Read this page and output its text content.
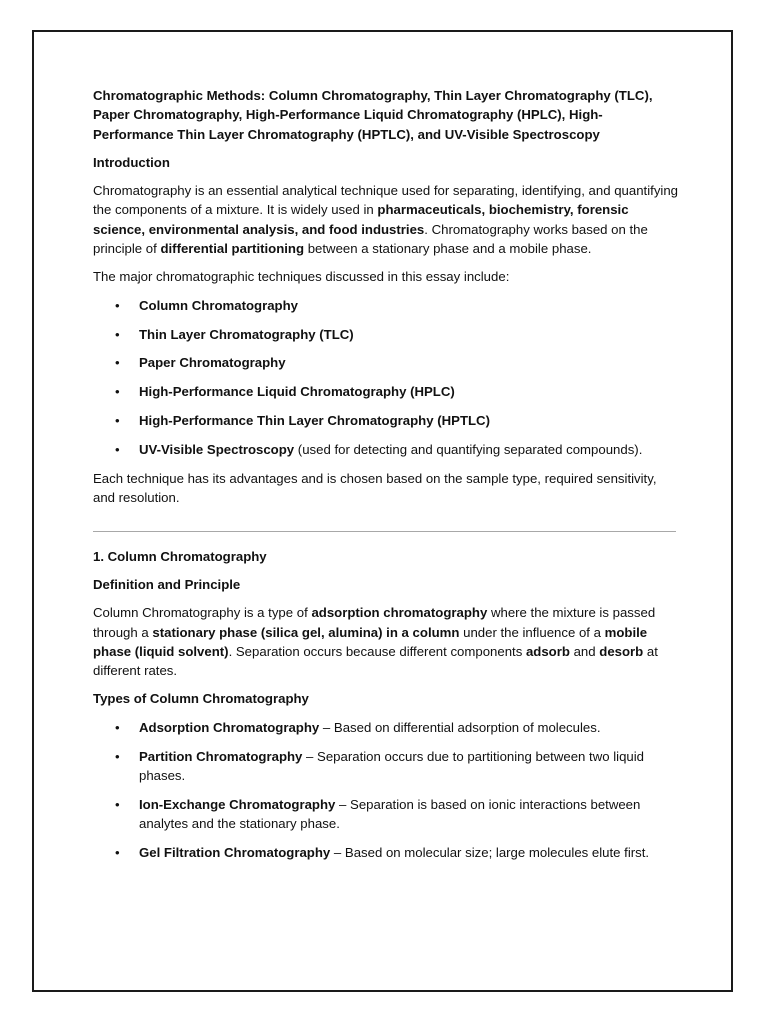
Chromatographic Methods: Column Chromatography, Thin Layer Chromatography (TLC), Paper Chromatography, High-Performance Liquid Chromatography (HPLC), High-Performance Thin Layer Chromatography (HPTLC), and UV-Visible Spectroscopy

Introduction

Chromatography is an essential analytical technique used for separating, identifying, and quantifying the components of a mixture. It is widely used in pharmaceuticals, biochemistry, forensic science, environmental analysis, and food industries. Chromatography works based on the principle of differential partitioning between a stationary phase and a mobile phase.

The major chromatographic techniques discussed in this essay include:

• Column Chromatography
• Thin Layer Chromatography (TLC)
• Paper Chromatography
• High-Performance Liquid Chromatography (HPLC)
• High-Performance Thin Layer Chromatography (HPTLC)
• UV-Visible Spectroscopy (used for detecting and quantifying separated compounds).

Each technique has its advantages and is chosen based on the sample type, required sensitivity, and resolution.

1. Column Chromatography

Definition and Principle

Column Chromatography is a type of adsorption chromatography where the mixture is passed through a stationary phase (silica gel, alumina) in a column under the influence of a mobile phase (liquid solvent). Separation occurs because different components adsorb and desorb at different rates.

Types of Column Chromatography

• Adsorption Chromatography – Based on differential adsorption of molecules.
• Partition Chromatography – Separation occurs due to partitioning between two liquid phases.
• Ion-Exchange Chromatography – Separation is based on ionic interactions between analytes and the stationary phase.
• Gel Filtration Chromatography – Based on molecular size; large molecules elute first.
